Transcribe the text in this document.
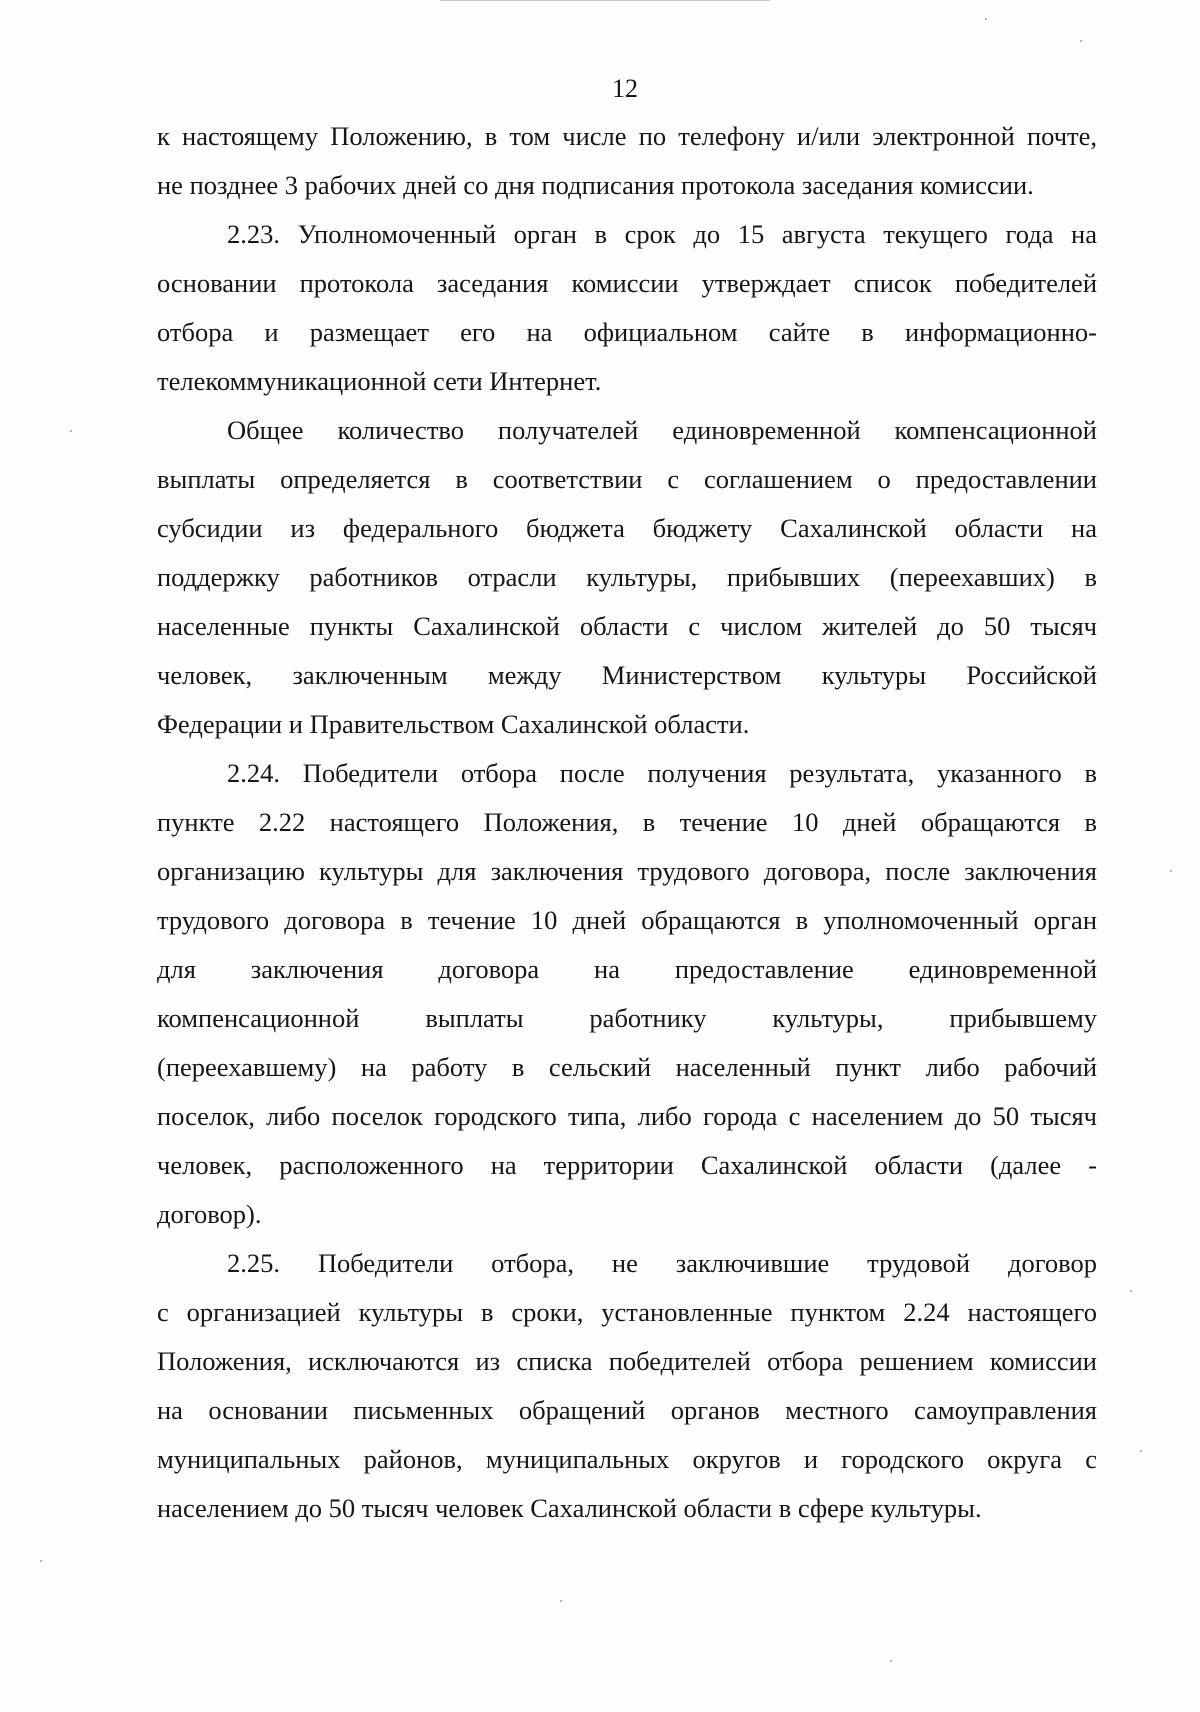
12
к настоящему Положению, в том числе по телефону и/или электронной почте,
не позднее 3 рабочих дней со дня подписания протокола заседания комиссии.
2.23. Уполномоченный орган в срок до 15 августа текущего года на
основании протокола заседания комиссии утверждает список победителей
отбора и размещает его на официальном сайте в информационно-
телекоммуникационной сети Интернет.
Общее количество получателей единовременной компенсационной
выплаты определяется в соответствии с соглашением о предоставлении
субсидии из федерального бюджета бюджету Сахалинской области на
поддержку работников отрасли культуры, прибывших (переехавших) в
населенные пункты Сахалинской области с числом жителей до 50 тысяч
человек, заключенным между Министерством культуры Российской
Федерации и Правительством Сахалинской области.
2.24. Победители отбора после получения результата, указанного в
пункте 2.22 настоящего Положения, в течение 10 дней обращаются в
организацию культуры для заключения трудового договора, после заключения
трудового договора в течение 10 дней обращаются в уполномоченный орган
для заключения договора на предоставление единовременной
компенсационной выплаты работнику культуры, прибывшему
(переехавшему) на работу в сельский населенный пункт либо рабочий
поселок, либо поселок городского типа, либо города с населением до 50 тысяч
человек, расположенного на территории Сахалинской области (далее -
договор).
2.25. Победители отбора, не заключившие трудовой договор
с организацией культуры в сроки, установленные пунктом 2.24 настоящего
Положения, исключаются из списка победителей отбора решением комиссии
на основании письменных обращений органов местного самоуправления
муниципальных районов, муниципальных округов и городского округа с
населением до 50 тысяч человек Сахалинской области в сфере культуры.
